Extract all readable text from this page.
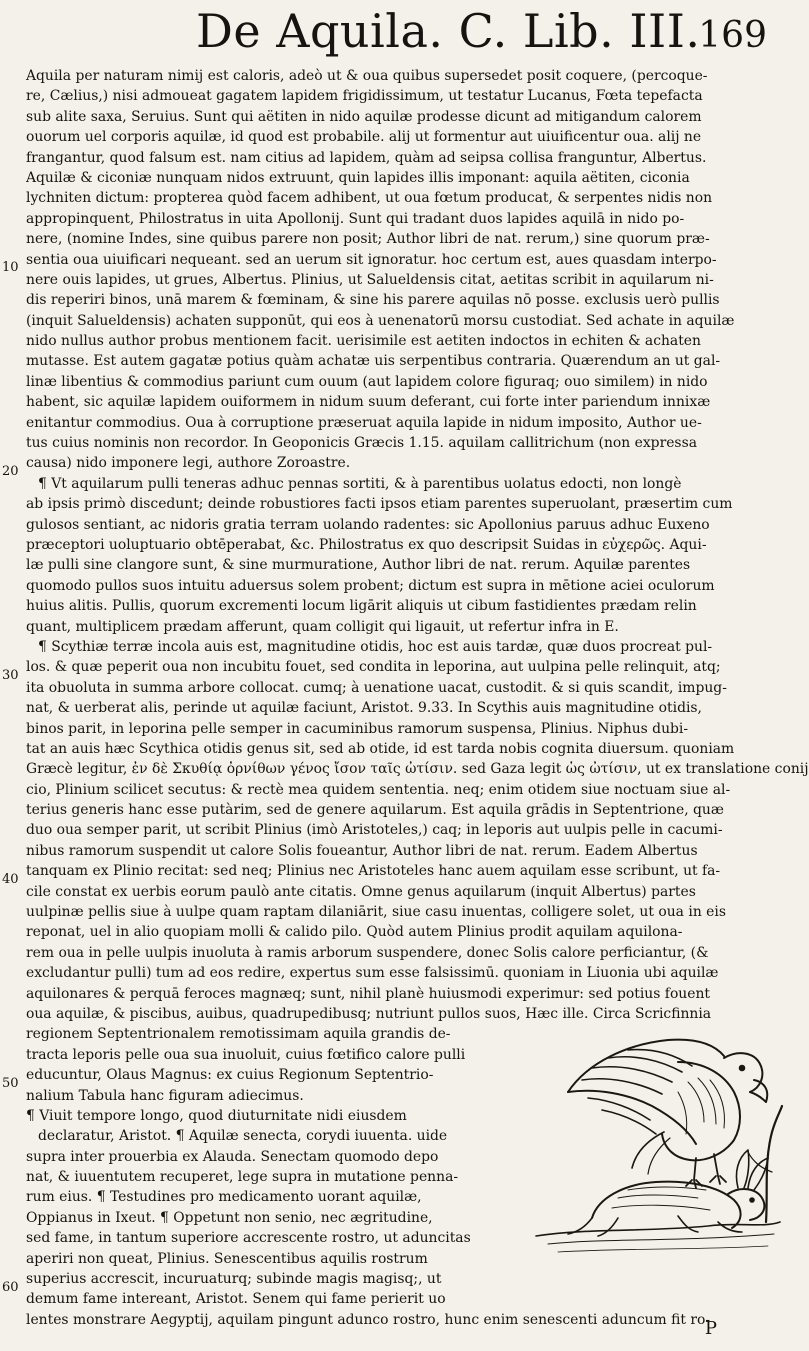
De Aquila. C. Lib. III.
169
10
20
30
40
50
60
Aquila per naturam nimij est caloris, adeò ut & oua quibus supersedet posit coquere, (percoque-
re, Cælius,) nisi admoueat gagatem lapidem frigidissimum, ut testatur Lucanus, Fœta tepefacta
sub alite saxa, Seruius. Sunt qui aëtiten in nido aquilæ prodesse dicunt ad mitigandum calorem
ouorum uel corporis aquilæ, id quod est probabile. alij ut formentur aut uiuificentur oua. alij ne
frangantur, quod falsum est. nam citius ad lapidem, quàm ad seipsa collisa franguntur, Albertus.
Aquilæ & ciconiæ nunquam nidos extruunt, quin lapides illis imponant: aquila aëtiten, ciconia
lychniten dictum: propterea quòd facem adhibent, ut oua fœtum producat, & serpentes nidis non
appropinquent, Philostratus in uita Apollonij. Sunt qui tradant duos lapides aquilā in nido po-
nere, (nomine Indes, sine quibus parere non posit; Author libri de nat. rerum,) sine quorum præ-
sentia oua uiuificari nequeant. sed an uerum sit ignoratur. hoc certum est, aues quasdam interpo-
nere ouis lapides, ut grues, Albertus. Plinius, ut Salueldensis citat, aetitas scribit in aquilarum ni-
dis reperiri binos, unā marem & fœminam, & sine his parere aquilas nō posse. exclusis uerò pullis
(inquit Salueldensis) achaten supponūt, qui eos à uenenatorū morsu custodiat. Sed achate in aquilæ
nido nullus author probus mentionem facit. uerisimile est aetiten indoctos in echiten & achaten
mutasse. Est autem gagatæ potius quàm achatæ uis serpentibus contraria. Quærendum an ut gal-
linæ libentius & commodius pariunt cum ouum (aut lapidem colore figuraq; ouo similem) in nido
habent, sic aquilæ lapidem ouiformem in nidum suum deferant, cui forte inter pariendum innixæ
enitantur commodius. Oua à corruptione præseruat aquila lapide in nidum imposito, Author ue-
tus cuius nominis non recordor. In Geoponicis Græcis 1.15. aquilam callitrichum (non expressa
causa) nido imponere legi, authore Zoroastre.
¶ Vt aquilarum pulli teneras adhuc pennas sortiti, & à parentibus uolatus edocti, non longè
ab ipsis primò discedunt; deinde robustiores facti ipsos etiam parentes superuolant, præsertim cum
gulosos sentiant, ac nidoris gratia terram uolando radentes: sic Apollonius paruus adhuc Euxeno
præceptori uoluptuario obtēperabat, &c. Philostratus ex quo descripsit Suidas in εὐχερῶς. Aqui-
læ pulli sine clangore sunt, & sine murmuratione, Author libri de nat. rerum. Aquilæ parentes
quomodo pullos suos intuitu aduersus solem probent; dictum est supra in mētione aciei oculorum
huius alitis. Pullis, quorum excrementi locum ligārit aliquis ut cibum fastidientes prædam relin
quant, multiplicem prædam afferunt, quam colligit qui ligauit, ut refertur infra in E.
¶ Scythiæ terræ incola auis est, magnitudine otidis, hoc est auis tardæ, quæ duos procreat pul-
los. & quæ peperit oua non incubitu fouet, sed condita in leporina, aut uulpina pelle relinquit, atq;
ita obuoluta in summa arbore collocat. cumq; à uenatione uacat, custodit. & si quis scandit, impug-
nat, & uerberat alis, perinde ut aquilæ faciunt, Aristot. 9.33. In Scythis auis magnitudine otidis,
binos parit, in leporina pelle semper in cacuminibus ramorum suspensa, Plinius. Niphus dubi-
tat an auis hæc Scythica otidis genus sit, sed ab otide, id est tarda nobis cognita diuersum. quoniam
Græcè legitur, ἐν δὲ Σκυθίᾳ ὀρνίθων γένος ἴσον ταῖς ὠτίσιν. sed Gaza legit ὡς ὠτίσιν, ut ex translatione conij
cio, Plinium scilicet secutus: & rectè mea quidem sententia. neq; enim otidem siue noctuam siue al-
terius generis hanc esse putàrim, sed de genere aquilarum. Est aquila grādis in Septentrione, quæ
duo oua semper parit, ut scribit Plinius (imò Aristoteles,) caq; in leporis aut uulpis pelle in cacumi-
nibus ramorum suspendit ut calore Solis foueantur, Author libri de nat. rerum. Eadem Albertus
tanquam ex Plinio recitat: sed neq; Plinius nec Aristoteles hanc auem aquilam esse scribunt, ut fa-
cile constat ex uerbis eorum paulò ante citatis. Omne genus aquilarum (inquit Albertus) partes
uulpinæ pellis siue à uulpe quam raptam dilaniārit, siue casu inuentas, colligere solet, ut oua in eis
reponat, uel in alio quopiam molli & calido pilo. Quòd autem Plinius prodit aquilam aquilona-
rem oua in pelle uulpis inuoluta à ramis arborum suspendere, donec Solis calore perficiantur, (&
excludantur pulli) tum ad eos redire, expertus sum esse falsissimū. quoniam in Liuonia ubi aquilæ
aquilonares & perquā feroces magnæq; sunt, nihil planè huiusmodi experimur: sed potius fouent
oua aquilæ, & piscibus, auibus, quadrupedibusq; nutriunt pullos suos, Hæc ille. Circa Scricfinnia
regionem Septentrionalem remotissimam aquila grandis de-
tracta leporis pelle oua sua inuoluit, cuius fœtifico calore pulli
educuntur, Olaus Magnus: ex cuius Regionum Septentrio-
nalium Tabula hanc figuram adiecimus.
¶ Viuit tempore longo, quod diuturnitate nidi eiusdem
declaratur, Aristot. ¶ Aquilæ senecta, corydi iuuenta. uide
supra inter prouerbia ex Alauda. Senectam quomodo depo
nat, & iuuentutem recuperet, lege supra in mutatione penna-
rum eius. ¶ Testudines pro medicamento uorant aquilæ,
Oppianus in Ixeut. ¶ Oppetunt non senio, nec ægritudine,
sed fame, in tantum superiore accrescente rostro, ut aduncitas
aperiri non queat, Plinius. Senescentibus aquilis rostrum
superius accrescit, incuruaturq; subinde magis magisq;, ut
demum fame intereant, Aristot. Senem qui fame perierit uo
lentes monstrare Aegyptij, aquilam pingunt adunco rostro, hunc enim senescenti aduncum fit ro-
P
